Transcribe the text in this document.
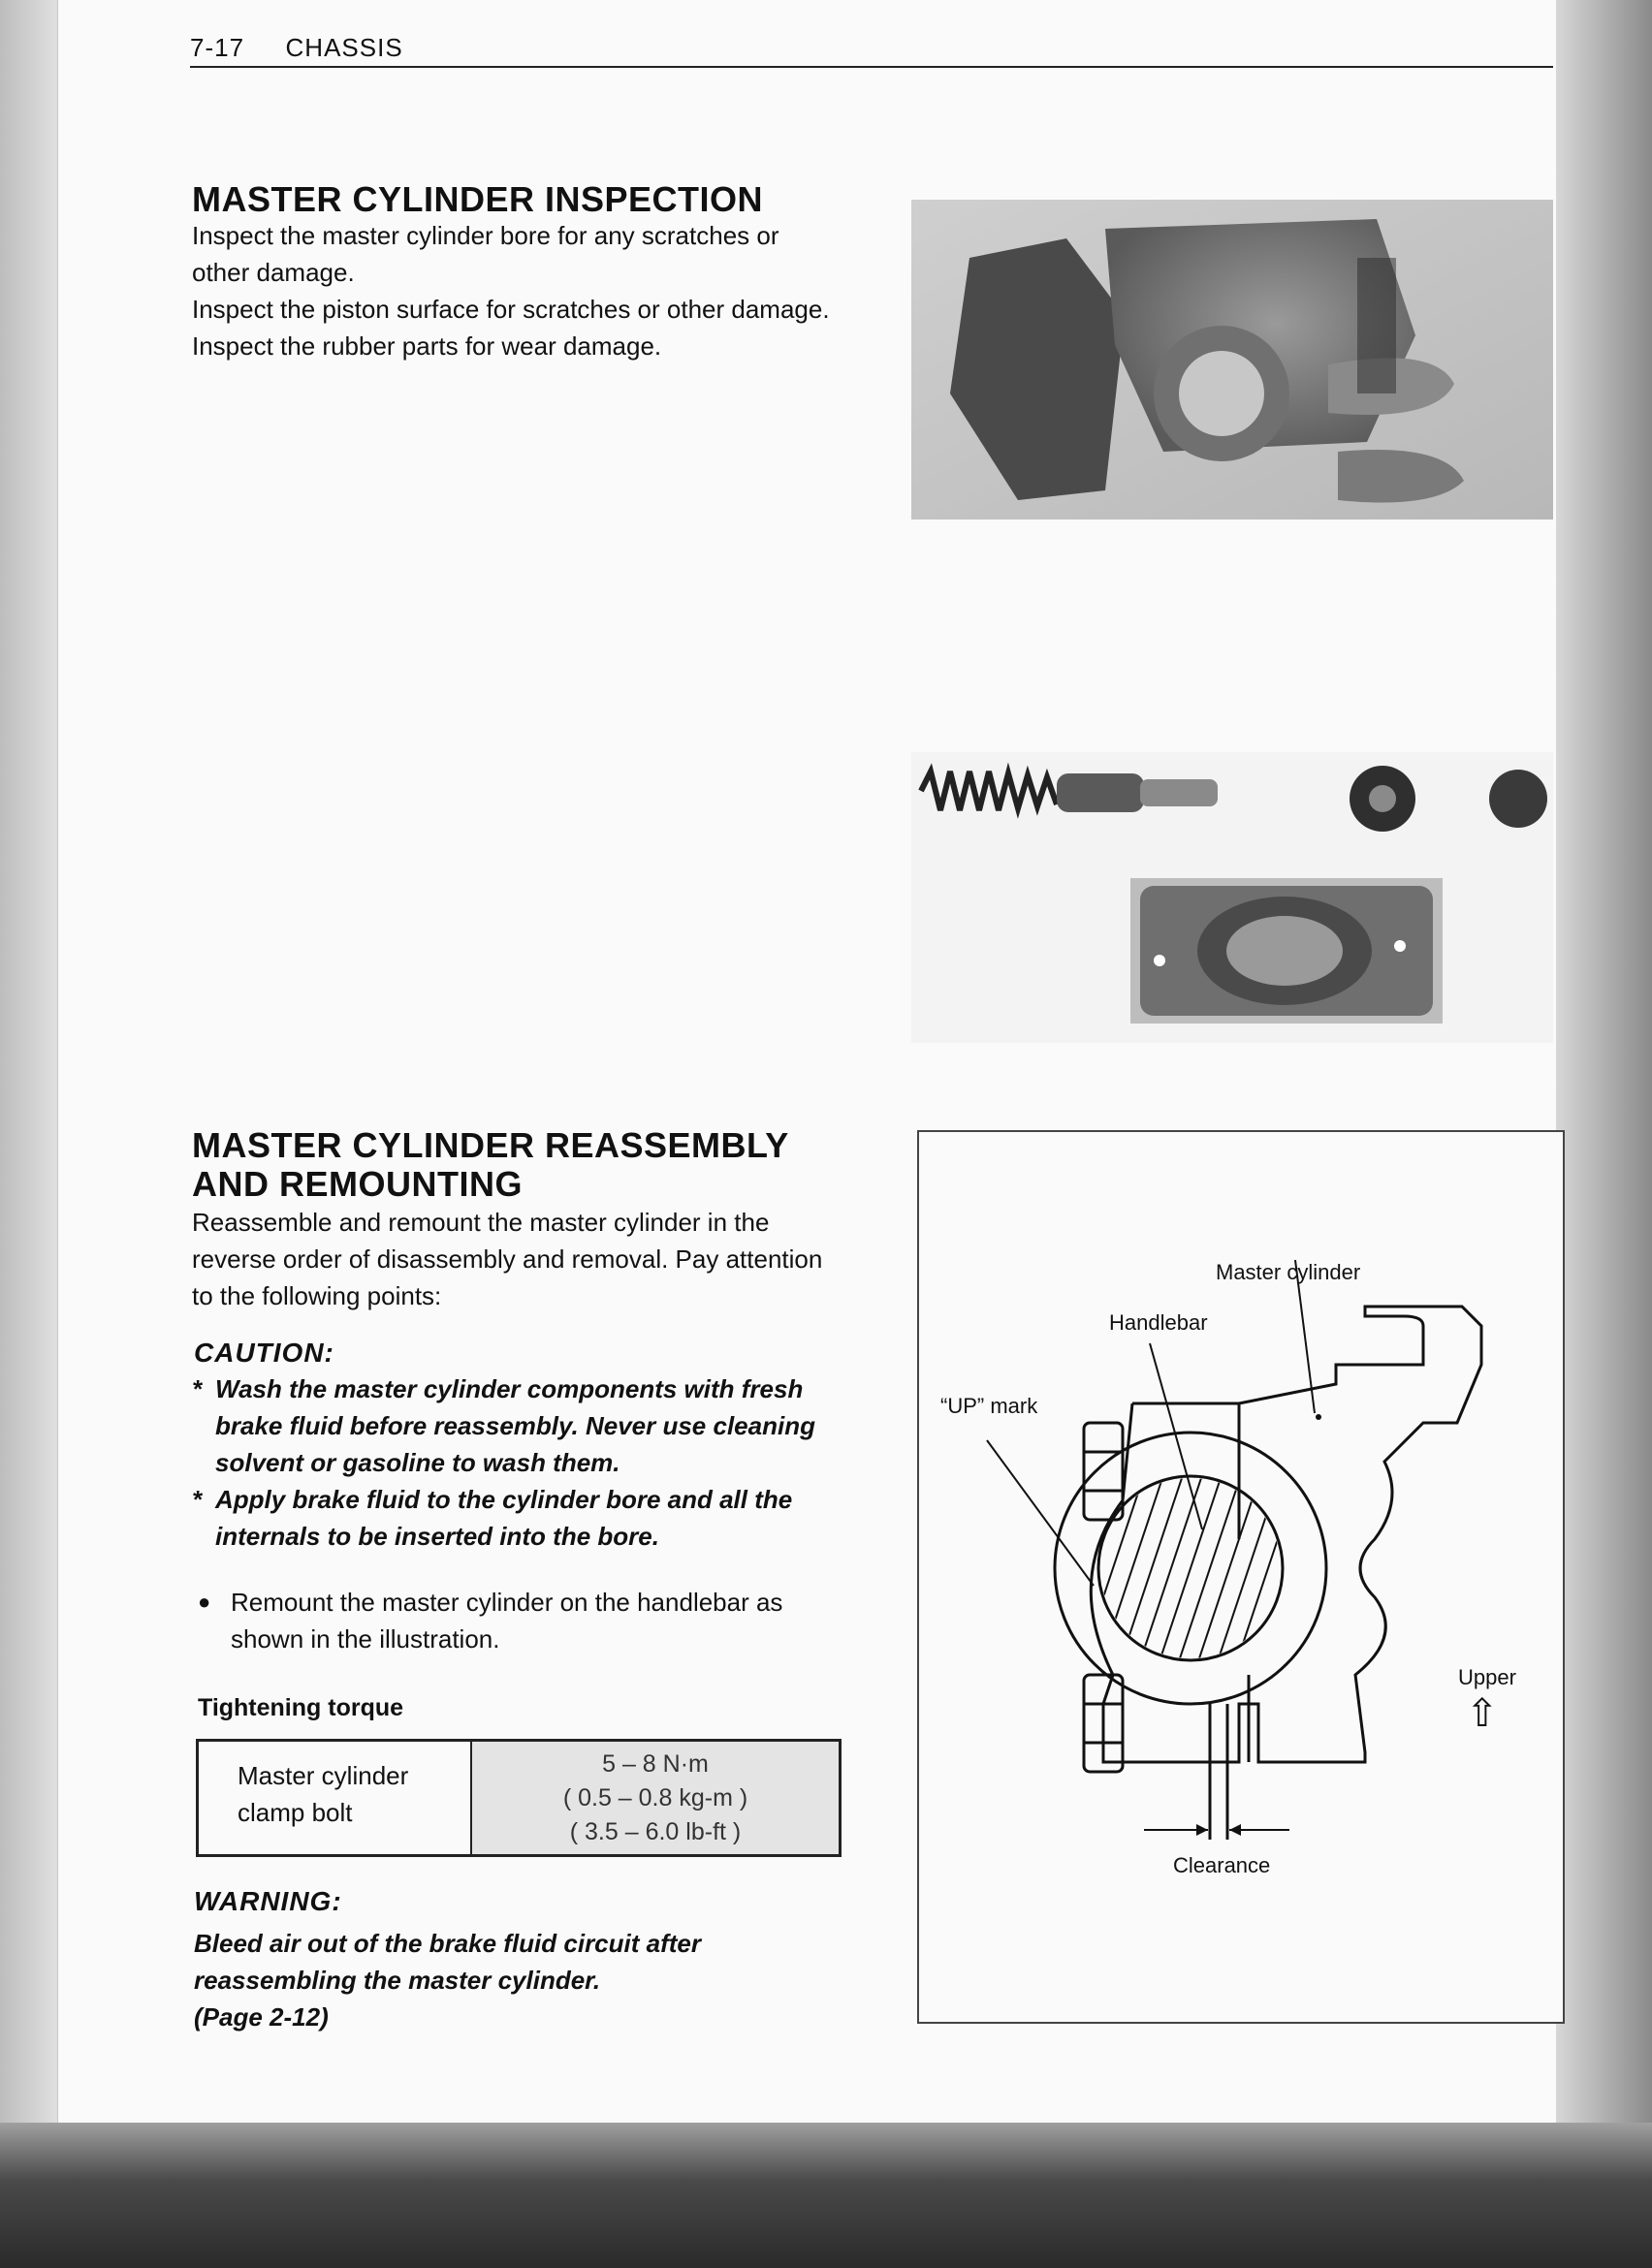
7-17 CHASSIS
MASTER CYLINDER INSPECTION

Inspect the master cylinder bore for any scratches or other damage.

Inspect the piston surface for scratches or other damage.

Inspect the rubber parts for wear damage.

MASTER CYLINDER REASSEMBLY
AND REMOUNTING
Reassemble and remount the master cylinder in the reverse order of disassembly and removal. Pay attention to the following points:
CAUTION:
* Wash the master cylinder components with fresh brake fluid before reassembly. Never use cleaning solvent or gasoline to wash them.
* Apply brake fluid to the cylinder bore and all the internals to be inserted into the bore.
● Remount the master cylinder on the handlebar as shown in the illustration.
Tightening torque
Master cylinder
clamp bolt
5 – 8 N·m
( 0.5 – 0.8 kg-m )
( 3.5 – 6.0 lb-ft )
WARNING:
Bleed air out of the brake fluid circuit after
reassembling the master cylinder.
(Page 2-12)
Master cylinder
Handlebar
“UP” mark
Upper
⇧
Clearance
